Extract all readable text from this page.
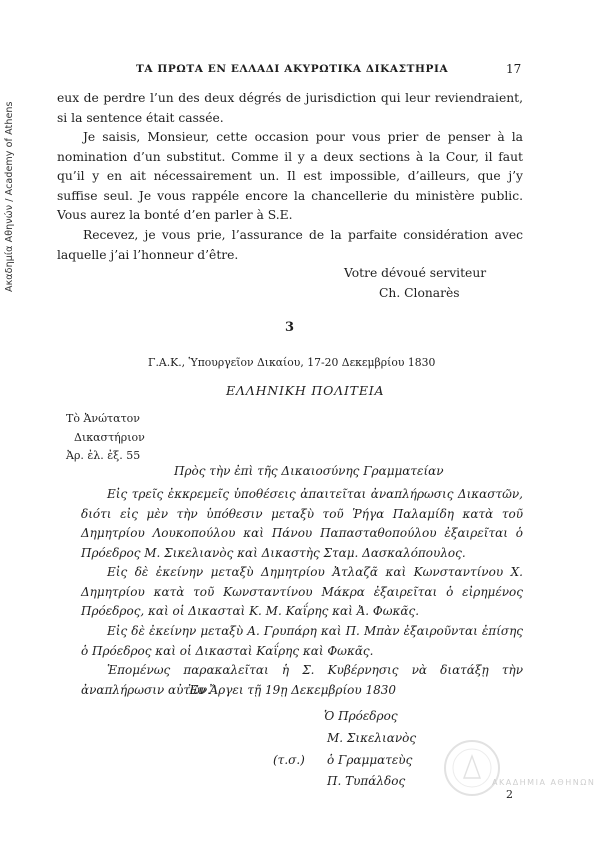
Ακαδημία Αθηνών / Academy of Athens
ΤΑ ΠΡΩΤΑ ΕΝ ΕΛΛΑΔΙ ΑΚΥΡΩΤΙΚΑ ΔΙΚΑΣΤΗΡΙΑ	17

eux de perdre l’un des deux dégrés de jurisdiction qui leur reviendraient, si la sentence était cassée.

Je saisis, Monsieur, cette occasion pour vous prier de penser à la nomination d’un substitut. Comme il y a deux sections à la Cour, il faut qu’il y en ait nécessairement un. Il est impossible, d’ailleurs, que j’y suffise seul. Je vous rappéle encore la chancellerie du ministère public. Vous aurez la bonté d’en parler à S.E.

Recevez, je vous prie, l’assurance de la parfaite considération avec laquelle j’ai l’honneur d’être.

Votre dévoué serviteur
Ch. Clonarès
3
Γ.Α.Κ., Ὑπουργεῖον Δικαίου, 17-20 Δεκεμβρίου 1830
ΕΛΛΗΝΙΚΗ ΠΟΛΙΤΕΙΑ
Τὸ Ἀνώτατον
Δικαστήριον
Ἀρ. ἐλ. ἐξ. 55
Πρὸς τὴν ἐπὶ τῆς Δικαιοσύνης Γραμματείαν

Εἰς τρεῖς ἐκκρεμεῖς ὑποθέσεις ἀπαιτεῖται ἀναπλήρωσις Δικαστῶν, διότι εἰς μὲν τὴν ὑπόθεσιν μεταξὺ τοῦ Ῥήγα Παλαμίδη κατὰ τοῦ Δημητρίου Λουκοπούλου καὶ Πάνου Παπασταθοπούλου ἐξαιρεῖται ὁ Πρόεδρος Μ. Σικελιανὸς καὶ Δικαστὴς Σταμ. Δασκαλόπουλος.

Εἰς δὲ ἐκείνην μεταξὺ Δημητρίου Ἀτλαζᾶ καὶ Κωνσταντίνου Χ. Δημητρίου κατὰ τοῦ Κωνσταντίνου Μάκρα ἐξαιρεῖται ὁ εἰρημένος Πρόεδρος, καὶ οἱ Δικασταὶ Κ. Μ. Καΐρης καὶ Ἀ. Φωκᾶς.

Εἰς δὲ ἐκείνην μεταξὺ Α. Γρυπάρη καὶ Π. Μπὰν ἐξαιροῦνται ἐπίσης ὁ Πρόεδρος καὶ οἱ Δικασταὶ Καΐρης καὶ Φωκᾶς.

Ἑπομένως παρακαλεῖται ἡ Σ. Κυβέρνησις νὰ διατάξῃ τὴν ἀναπλήρωσιν αὐτῶν.

Ἐν Ἄργει τῇ 19ῃ Δεκεμβρίου 1830
Ὁ Πρόεδρος
Μ. Σικελιανὸς
(τ.σ.) ὁ Γραμματεὺς
Π. Τυπάλδος	ΑΚΑΔΗΜΙΑ ΑΘΗΝΩΝ
2
